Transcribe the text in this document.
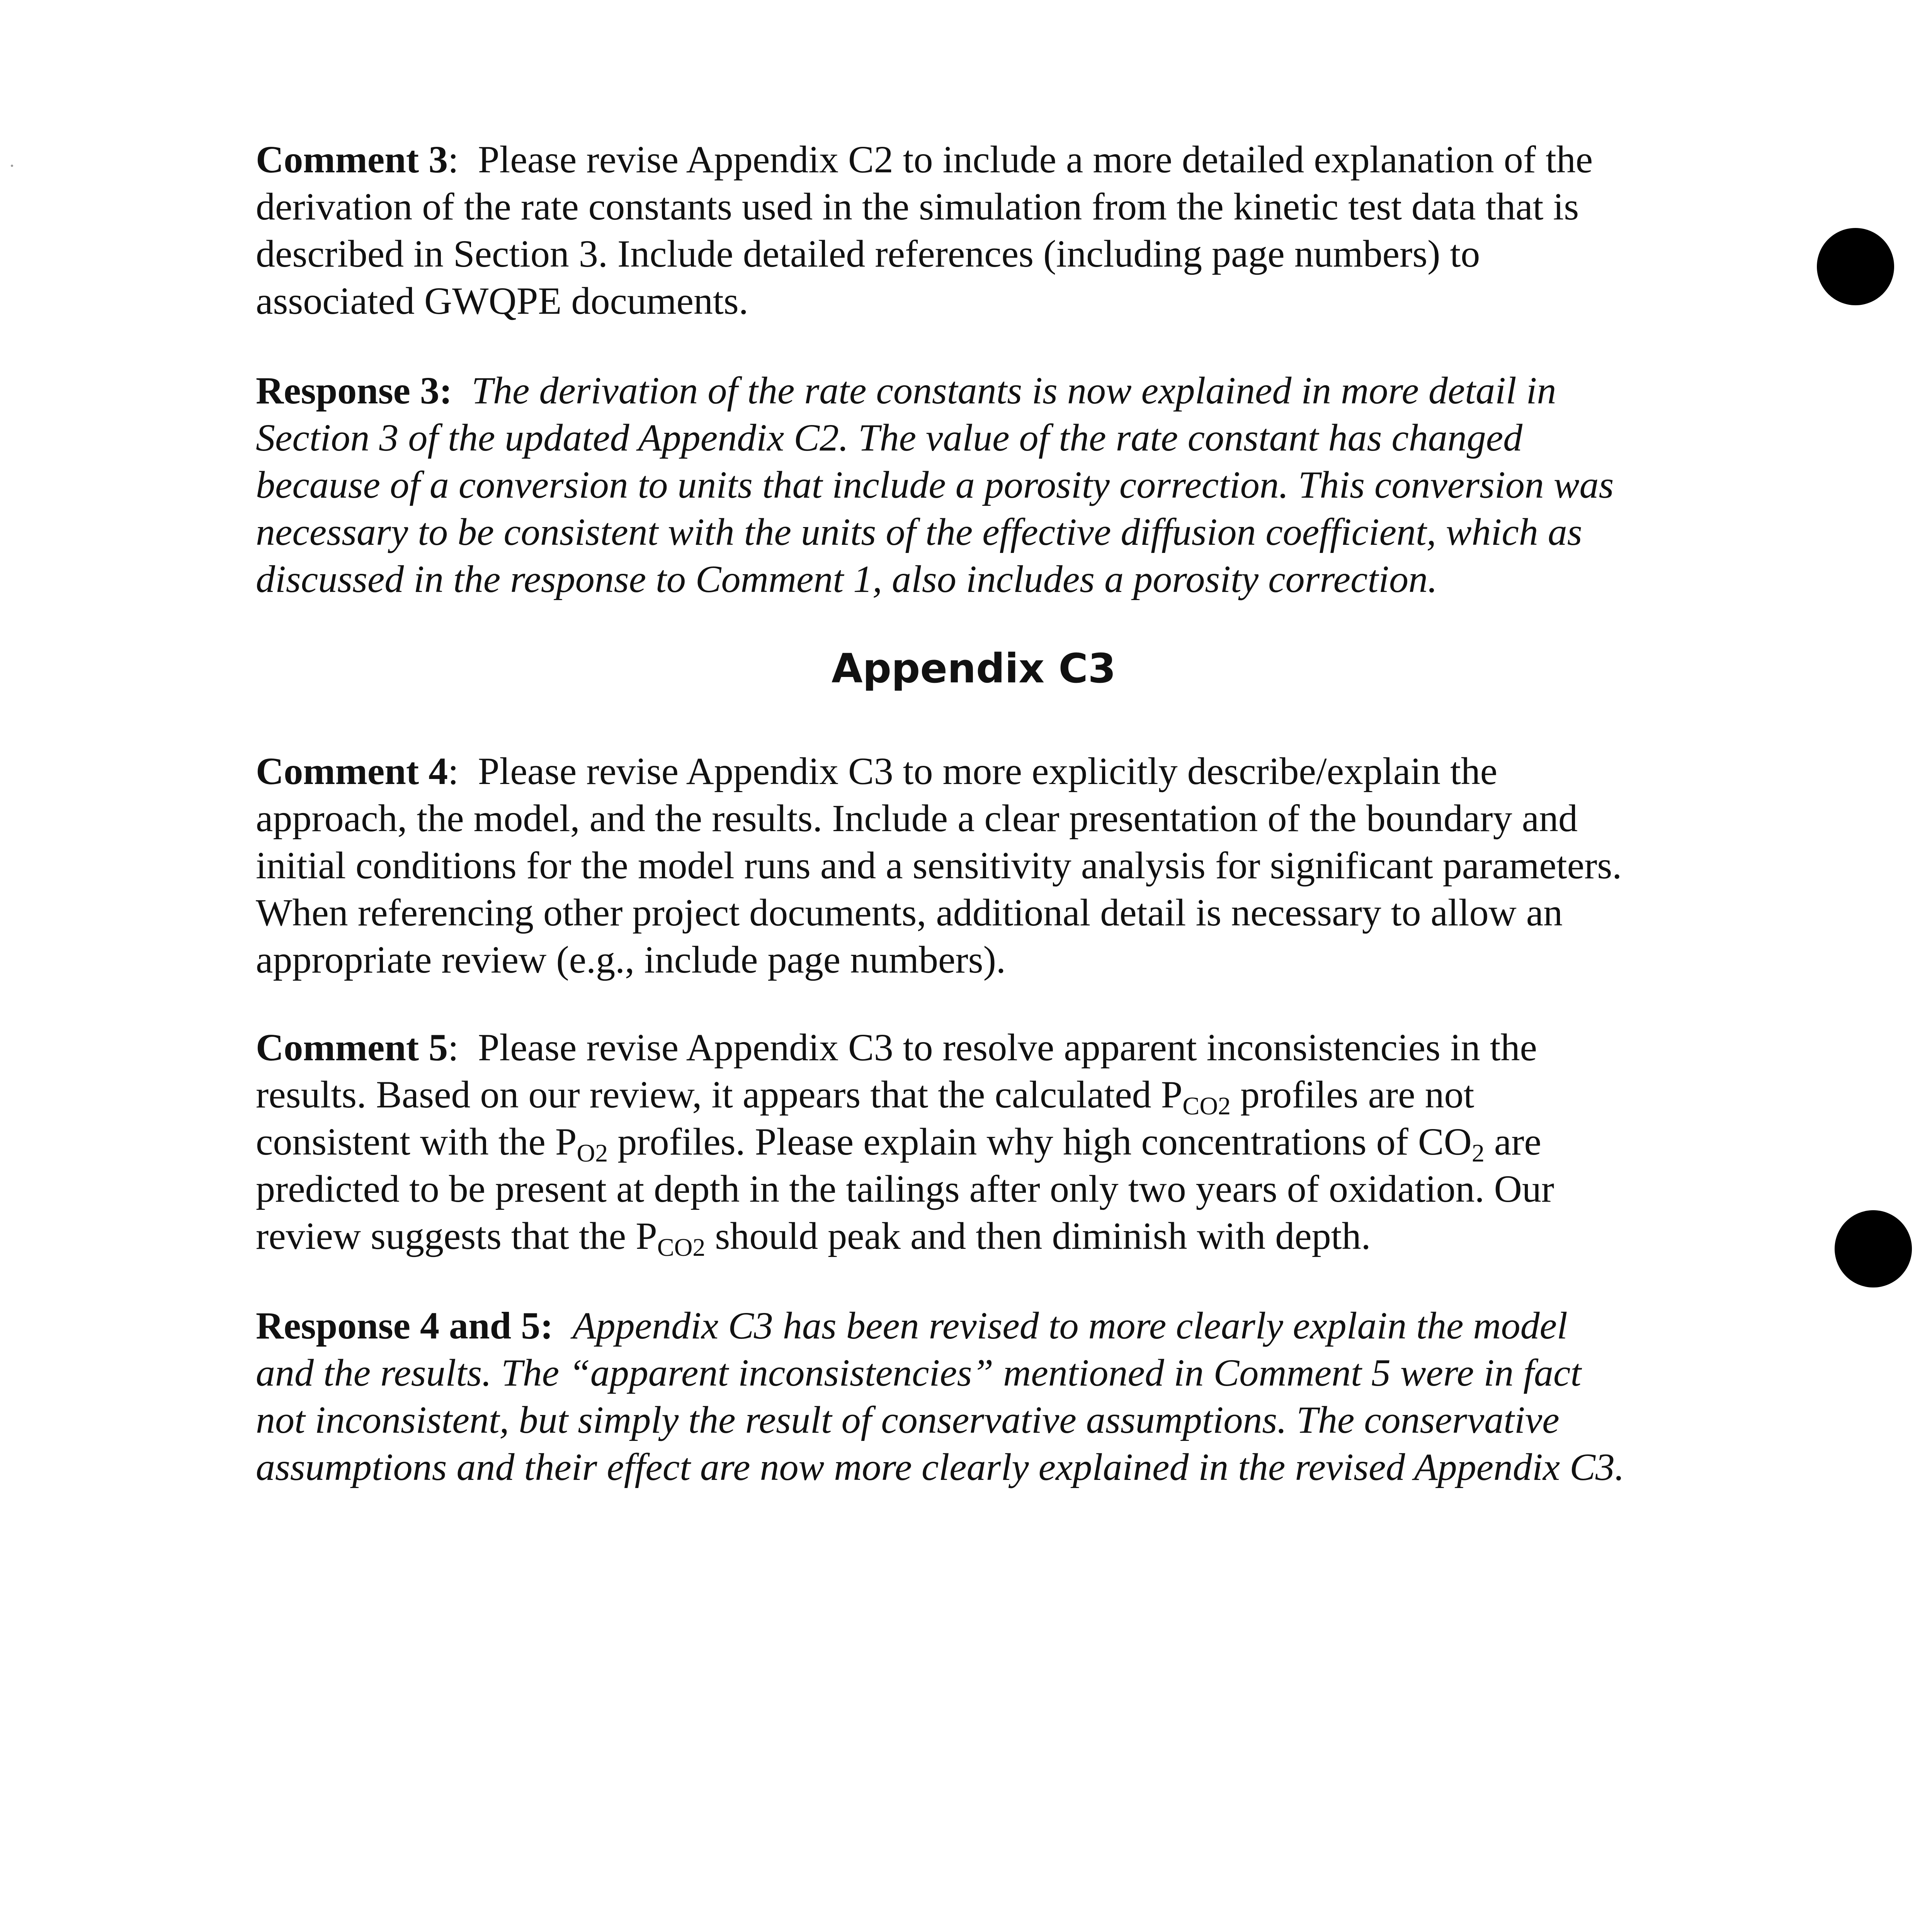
Comment 3:  Please revise Appendix C2 to include a more detailed explanation of the derivation of the rate constants used in the simulation from the kinetic test data that is described in Section 3. Include detailed references (including page numbers) to associated GWQPE documents.

Response 3: The derivation of the rate constants is now explained in more detail in Section 3 of the updated Appendix C2. The value of the rate constant has changed because of a conversion to units that include a porosity correction. This conversion was necessary to be consistent with the units of the effective diffusion coefficient, which as discussed in the response to Comment 1, also includes a porosity correction.

Appendix C3

Comment 4:  Please revise Appendix C3 to more explicitly describe/explain the approach, the model, and the results. Include a clear presentation of the boundary and initial conditions for the model runs and a sensitivity analysis for significant parameters. When referencing other project documents, additional detail is necessary to allow an appropriate review (e.g., include page numbers).

Comment 5:  Please revise Appendix C3 to resolve apparent inconsistencies in the results. Based on our review, it appears that the calculated $P_{CO2}$ profiles are not consistent with the $P_{O2}$ profiles. Please explain why high concentrations of $CO_2$ are predicted to be present at depth in the tailings after only two years of oxidation. Our review suggests that the $P_{CO2}$ should peak and then diminish with depth.

Response 4 and 5: Appendix C3 has been revised to more clearly explain the model and the results. The “apparent inconsistencies” mentioned in Comment 5 were in fact not inconsistent, but simply the result of conservative assumptions. The conservative assumptions and their effect are now more clearly explained in the revised Appendix C3.
